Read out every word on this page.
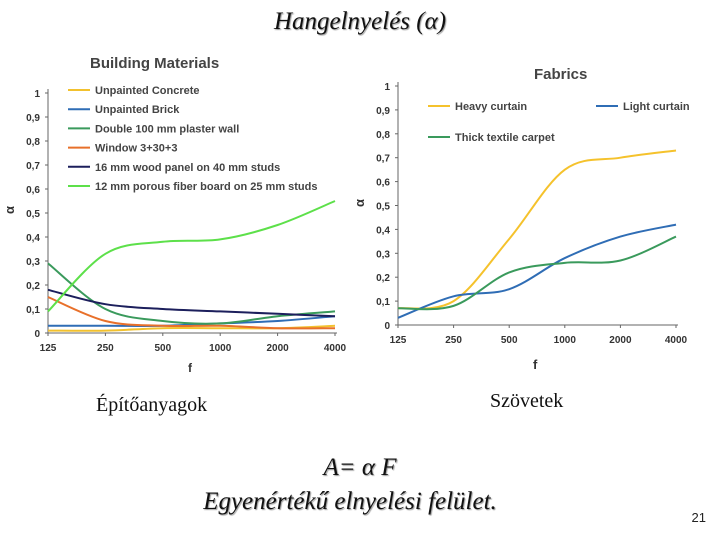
Hangelnyelés (α)
Building Materials
α
f
0
0,1
0,2
0,3
0,4
0,5
0,6
0,7
0,8
0,9
1
125	250	500	1000	2000	4000
Unpainted Concrete
Unpainted Brick
Double 100 mm plaster wall
Window 3+30+3
16 mm wood panel on 40 mm studs
12 mm porous fiber board on 25 mm studs
Fabrics
α
f
0
0,1
0,2
0,3
0,4
0,5
0,6
0,7
0,8
0,9
1
125	250	500	1000	2000	4000
Heavy curtain	Light curtain
Thick textile carpet
Építőanyagok	Szövetek
A= α F
Egyenértékű elnyelési felület.
21
